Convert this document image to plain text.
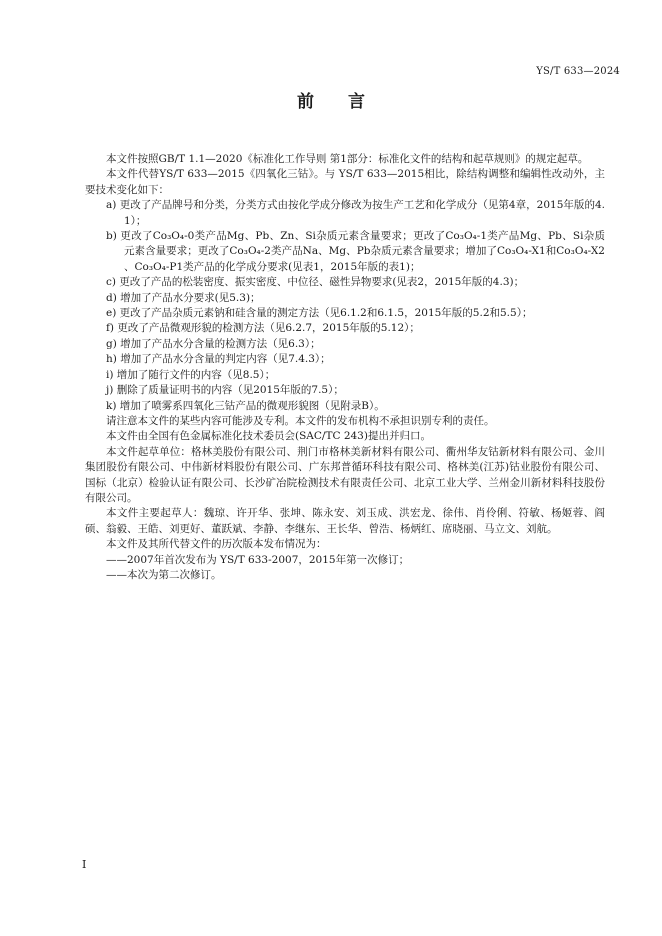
YS/T 633—2024
前 言

本文件按照GB/T 1.1—2020《标准化工作导则 第1部分：标准化文件的结构和起草规则》的规定起草。

本文件代替YS/T 633—2015《四氧化三钴》。与 YS/T 633—2015相比，除结构调整和编辑性改动外，主要技术变化如下：

a) 更改了产品牌号和分类，分类方式由按化学成分修改为按生产工艺和化学成分（见第4章，2015年版的4.1）；

b) 更改了Co₃O₄-0类产品Mg、Pb、Zn、Si杂质元素含量要求；更改了Co₃O₄-1类产品Mg、Pb、Si杂质元素含量要求；更改了Co₃O₄-2类产品Na、Mg、Pb杂质元素含量要求；增加了Co₃O₄-X1和Co₃O₄-X2 、Co₃O₄-P1类产品的化学成分要求(见表1，2015年版的表1)；

c) 更改了产品的松装密度、振实密度、中位径、磁性异物要求(见表2，2015年版的4.3)；

d) 增加了产品水分要求(见5.3)；

e) 更改了产品杂质元素钠和硅含量的测定方法（见6.1.2和6.1.5，2015年版的5.2和5.5）；

f) 更改了产品微观形貌的检测方法（见6.2.7，2015年版的5.12）；

g) 增加了产品水分含量的检测方法（见6.3）；

h) 增加了产品水分含量的判定内容（见7.4.3）；

i) 增加了随行文件的内容（见8.5）；

j) 删除了质量证明书的内容（见2015年版的7.5）；

k) 增加了喷雾系四氧化三钴产品的微观形貌图（见附录B）。

请注意本文件的某些内容可能涉及专利。本文件的发布机构不承担识别专利的责任。

本文件由全国有色金属标准化技术委员会(SAC/TC 243)提出并归口。

本文件起草单位：格林美股份有限公司、荆门市格林美新材料有限公司、衢州华友钴新材料有限公司、金川集团股份有限公司、中伟新材料股份有限公司、广东邦普循环科技有限公司、格林美(江苏)钴业股份有限公司、国标（北京）检验认证有限公司、长沙矿冶院检测技术有限责任公司、北京工业大学、兰州金川新材料科技股份有限公司。

本文件主要起草人：魏琼、许开华、张坤、陈永安、刘玉成、洪宏龙、徐伟、肖伶俐、符敏、杨姬蓉、阎硕、翁毅、王皓、刘更好、董跃斌、李静、李继东、王长华、曾浩、杨炳红、席晓丽、马立文、刘航。

本文件及其所代替文件的历次版本发布情况为：

——2007年首次发布为 YS/T 633-2007，2015年第一次修订；

——本次为第二次修订。

I
